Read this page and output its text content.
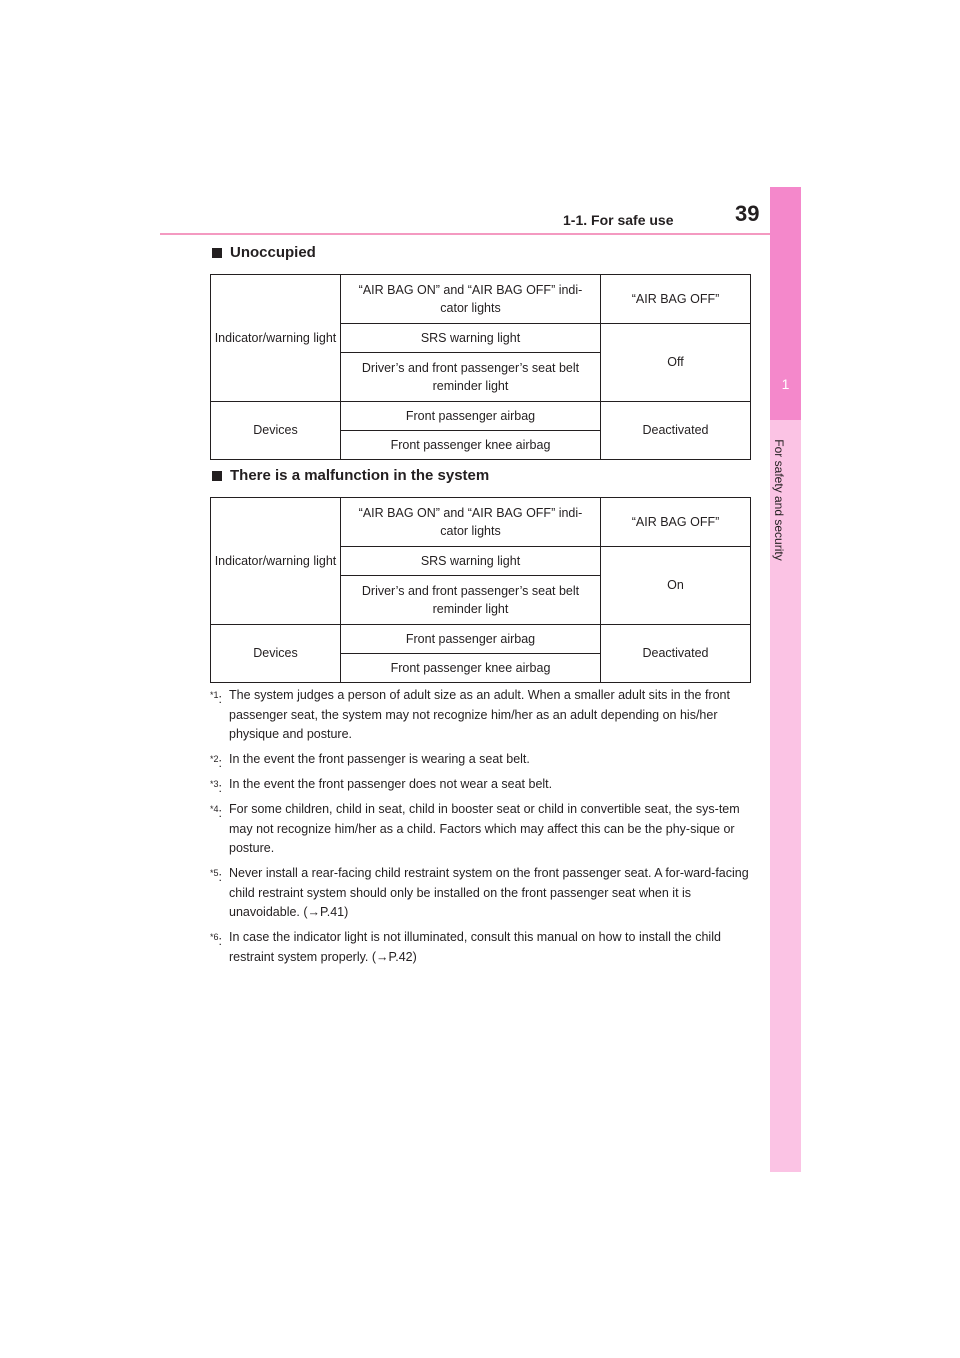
1-1. For safe use	39
1
For safety and security
Unoccupied
Indicator/warning light	“AIR BAG ON” and “AIR BAG OFF” indi-cator lights	“AIR BAG OFF”
	SRS warning light	Off
	Driver’s and front passenger’s seat belt reminder light	
Devices	Front passenger airbag	Deactivated
	Front passenger knee airbag	
There is a malfunction in the system
Indicator/warning light	“AIR BAG ON” and “AIR BAG OFF” indi-cator lights	“AIR BAG OFF”
	SRS warning light	On
	Driver’s and front passenger’s seat belt reminder light	
Devices	Front passenger airbag	Deactivated
	Front passenger knee airbag	
$^{*1}$: The system judges a person of adult size as an adult. When a smaller adult sits in the front passenger seat, the system may not recognize him/her as an adult depending on his/her physique and posture.
$^{*2}$: In the event the front passenger is wearing a seat belt.
$^{*3}$: In the event the front passenger does not wear a seat belt.
$^{*4}$: For some children, child in seat, child in booster seat or child in convertible seat, the sys-tem may not recognize him/her as a child. Factors which may affect this can be the phy-sique or posture.
$^{*5}$: Never install a rear-facing child restraint system on the front passenger seat. A for-ward-facing child restraint system should only be installed on the front passenger seat when it is unavoidable. (→P.41)
$^{*6}$: In case the indicator light is not illuminated, consult this manual on how to install the child restraint system properly. (→P.42)
